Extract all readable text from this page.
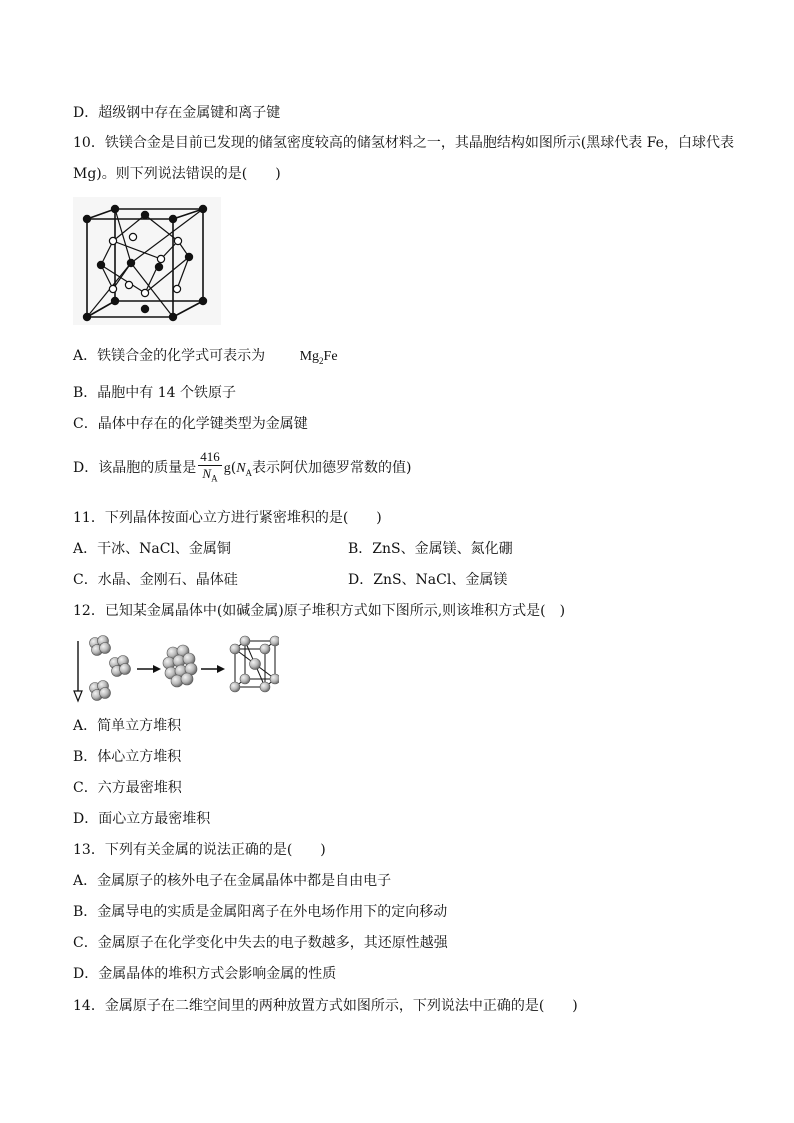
D．超级钢中存在金属键和离子键
10．铁镁合金是目前已发现的储氢密度较高的储氢材料之一，其晶胞结构如图所示(黑球代表 Fe，白球代表
Mg)。则下列说法错误的是(　　)
A．铁镁合金的化学式可表示为 $Mg_2Fe$
B．晶胞中有 14 个铁原子
C．晶体中存在的化学键类型为金属键
D．该晶胞的质量是 $\frac{416}{N_A} g(N_A$表示阿伏加德罗常数的值)
11．下列晶体按面心立方进行紧密堆积的是(　　)
A．干冰、NaCl、金属铜	B．ZnS、金属镁、氮化硼
C．水晶、金刚石、晶体硅	D．ZnS、NaCl、金属镁
12．已知某金属晶体中(如碱金属)原子堆积方式如下图所示,则该堆积方式是(　)
A．简单立方堆积
B．体心立方堆积
C．六方最密堆积
D．面心立方最密堆积
13．下列有关金属的说法正确的是(　　)
A．金属原子的核外电子在金属晶体中都是自由电子
B．金属导电的实质是金属阳离子在外电场作用下的定向移动
C．金属原子在化学变化中失去的电子数越多，其还原性越强
D．金属晶体的堆积方式会影响金属的性质
14．金属原子在二维空间里的两种放置方式如图所示，下列说法中正确的是(　　)
